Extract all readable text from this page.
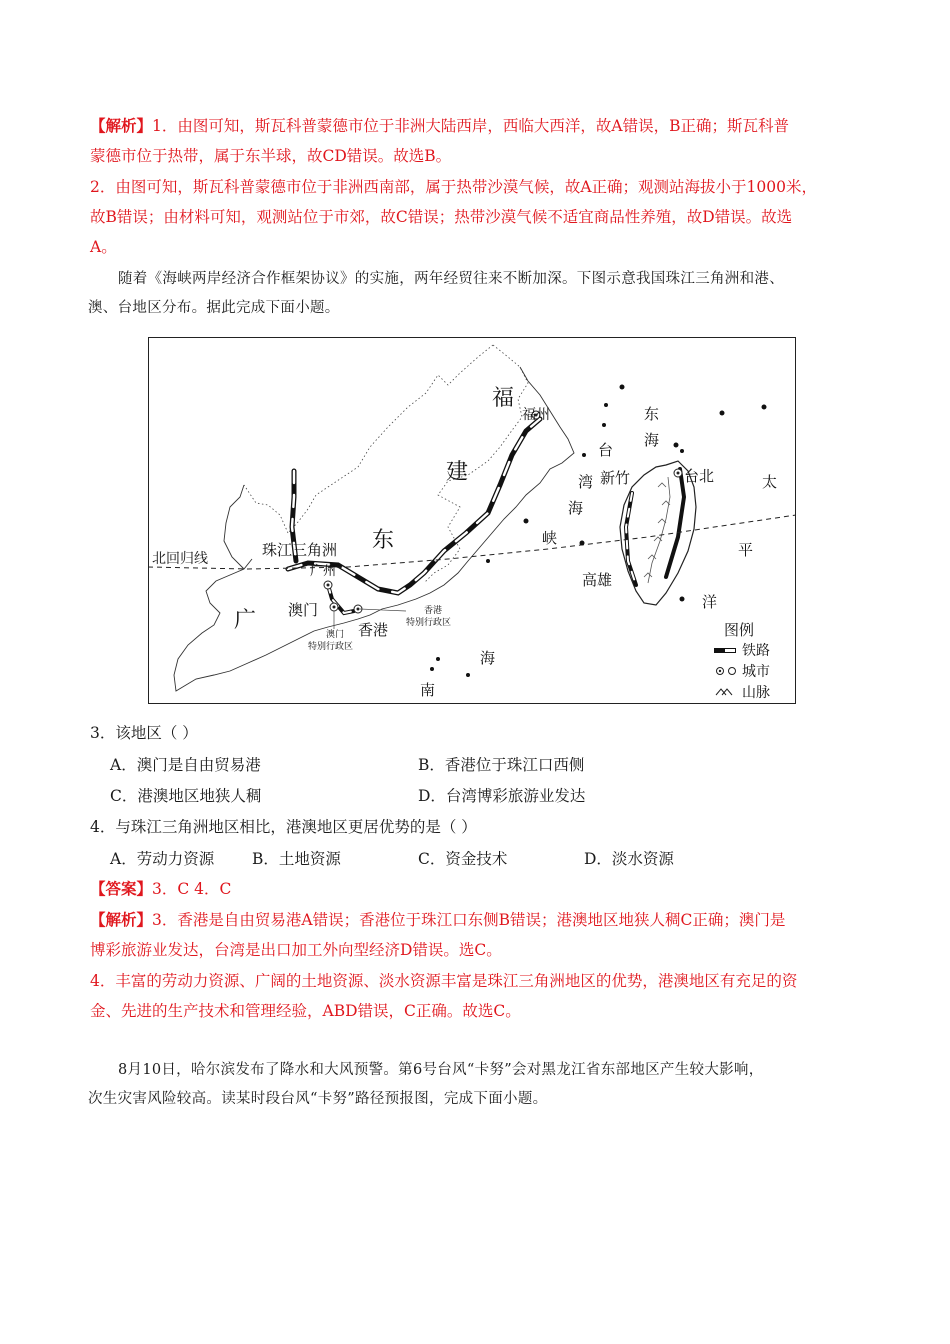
【解析】1．由图可知，斯瓦科普蒙德市位于非洲大陆西岸，西临大西洋，故A错误，B正确；斯瓦科普
蒙德市位于热带，属于东半球，故CD错误。故选B。
2．由图可知，斯瓦科普蒙德市位于非洲西南部，属于热带沙漠气候，故A正确；观测站海拔小于1000米，
故B错误；由材料可知，观测站位于市郊，故C错误；热带沙漠气候不适宜商品性养殖，故D错误。故选
A。
随着《海峡两岸经济合作框架协议》的实施，两年经贸往来不断加深。下图示意我国珠江三角洲和港、
澳、台地区分布。据此完成下面小题。
福
建
东
广
福州
珠江三角洲
广州
澳门
香港
香港
特别行政区
澳门
特别行政区
北回归线
东
海
台
湾
海
峡
新竹	台北
高雄
太
平
洋
海
南
图例
铁路
城市
山脉
3．该地区（ ）
A．澳门是自由贸易港	B．香港位于珠江口西侧
C．港澳地区地狭人稠	D．台湾博彩旅游业发达
4．与珠江三角洲地区相比，港澳地区更居优势的是（ ）
A．劳动力资源 B．土地资源	C．资金技术	D．淡水资源
【答案】3．C 4．C
【解析】3．香港是自由贸易港A错误；香港位于珠江口东侧B错误；港澳地区地狭人稠C正确；澳门是
博彩旅游业发达，台湾是出口加工外向型经济D错误。选C。
4．丰富的劳动力资源、广阔的土地资源、淡水资源丰富是珠江三角洲地区的优势，港澳地区有充足的资
金、先进的生产技术和管理经验，ABD错误，C正确。故选C。
8月10日，哈尔滨发布了降水和大风预警。第6号台风“卡努”会对黑龙江省东部地区产生较大影响，
次生灾害风险较高。读某时段台风“卡努”路径预报图，完成下面小题。
